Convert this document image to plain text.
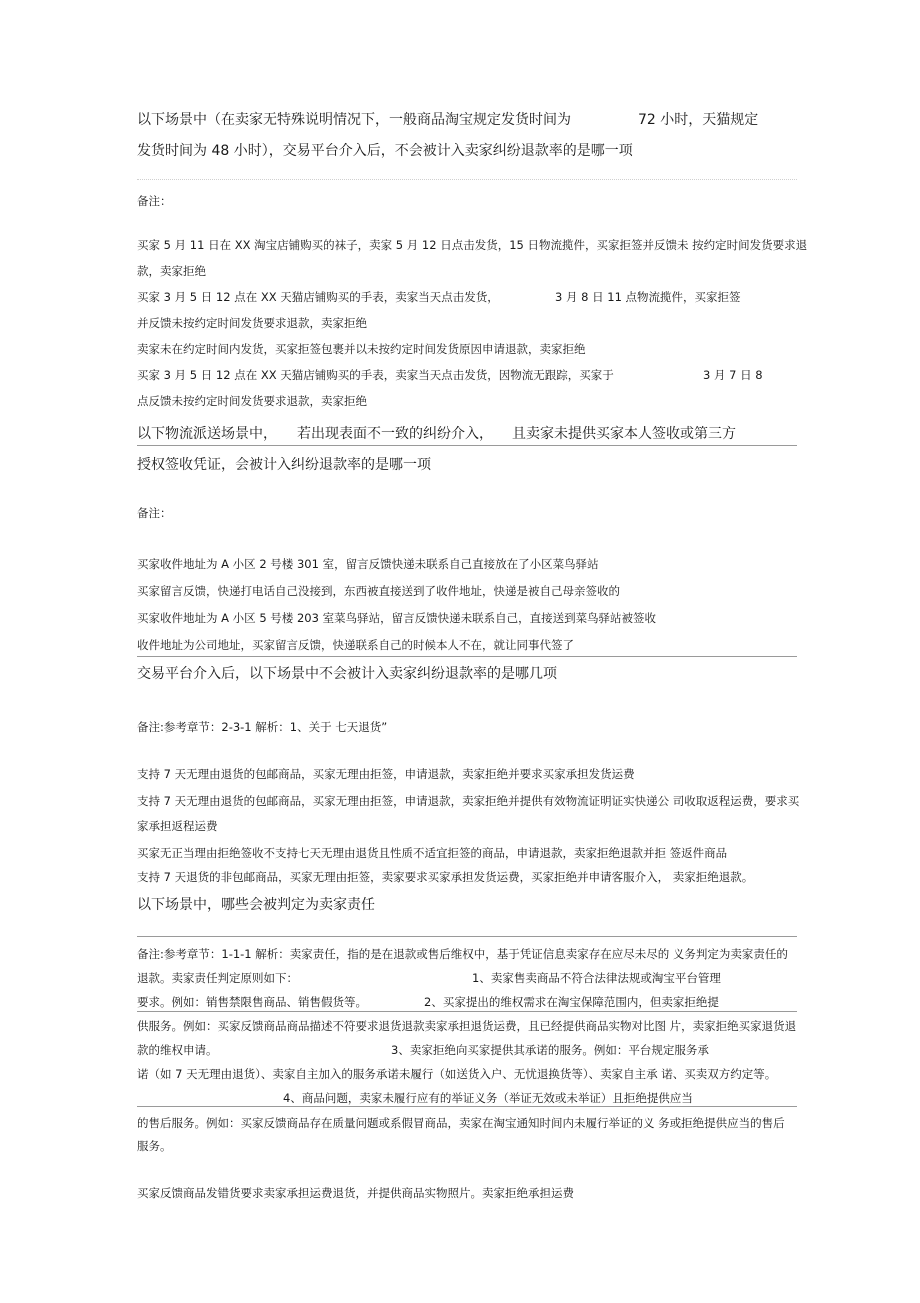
以下场景中（在卖家无特殊说明情况下，一般商品淘宝规定发货时间为	72 小时，天猫规定
发货时间为 48 小时），交易平台介入后，不会被计入卖家纠纷退款率的是哪一项
备注：
买家 5 月 11 日在 XX 淘宝店铺购买的袜子，卖家 5 月 12 日点击发货，15 日物流揽件，买家拒签并反馈未 按约定时间发货要求退
款，卖家拒绝
买家 3 月 5 日 12 点在 XX 天猫店铺购买的手表，卖家当天点击发货，	3 月 8 日 11 点物流揽件，买家拒签
并反馈未按约定时间发货要求退款，卖家拒绝
卖家未在约定时间内发货，买家拒签包裹并以未按约定时间发货原因申请退款，卖家拒绝
买家 3 月 5 日 12 点在 XX 天猫店铺购买的手表，卖家当天点击发货，因物流无跟踪，买家于	3 月 7 日 8
点反馈未按约定时间发货要求退款，卖家拒绝
以下物流派送场景中， 若出现表面不一致的纠纷介入， 且卖家未提供买家本人签收或第三方
授权签收凭证，会被计入纠纷退款率的是哪一项
备注：
买家收件地址为 A 小区 2 号楼 301 室，留言反馈快递未联系自己直接放在了小区菜鸟驿站
买家留言反馈，快递打电话自己没接到，东西被直接送到了收件地址，快递是被自己母亲签收的
买家收件地址为 A 小区 5 号楼 203 室菜鸟驿站，留言反馈快递未联系自己，直接送到菜鸟驿站被签收
收件地址为公司地址，买家留言反馈，快递联系自己的时候本人不在，就让同事代签了
交易平台介入后，以下场景中不会被计入卖家纠纷退款率的是哪几项
备注:参考章节：2-3-1 解析：1、关于 七天退货”
支持 7 天无理由退货的包邮商品，买家无理由拒签，申请退款，卖家拒绝并要求买家承担发货运费
支持 7 天无理由退货的包邮商品，买家无理由拒签，申请退款，卖家拒绝并提供有效物流证明证实快递公 司收取返程运费，要求买
家承担返程运费
买家无正当理由拒绝签收不支持七天无理由退货且性质不适宜拒签的商品，申请退款，卖家拒绝退款并拒 签返件商品
支持 7 天退货的非包邮商品，买家无理由拒签，卖家要求买家承担发货运费，买家拒绝并申请客服介入， 卖家拒绝退款。
以下场景中，哪些会被判定为卖家责任
备注:参考章节：1-1-1 解析：卖家责任，指的是在退款或售后维权中，基于凭证信息卖家存在应尽未尽的 义务判定为卖家责任的
退款。卖家责任判定原则如下：	1、卖家售卖商品不符合法律法规或淘宝平台管理
要求。例如：销售禁限售商品、销售假货等。	2、买家提出的维权需求在淘宝保障范围内，但卖家拒绝提
供服务。例如：买家反馈商品商品描述不符要求退货退款卖家承担退货运费，且已经提供商品实物对比图 片，卖家拒绝买家退货退
款的维权申请。	3、卖家拒绝向买家提供其承诺的服务。例如：平台规定服务承
诺（如 7 天无理由退货）、卖家自主加入的服务承诺未履行（如送货入户、无忧退换货等）、卖家自主承 诺、买卖双方约定等。
4、商品问题，卖家未履行应有的举证义务（举证无效或未举证）且拒绝提供应当
的售后服务。例如：买家反馈商品存在质量问题或系假冒商品，卖家在淘宝通知时间内未履行举证的义 务或拒绝提供应当的售后
服务。
买家反馈商品发错货要求卖家承担运费退货，并提供商品实物照片。卖家拒绝承担运费
